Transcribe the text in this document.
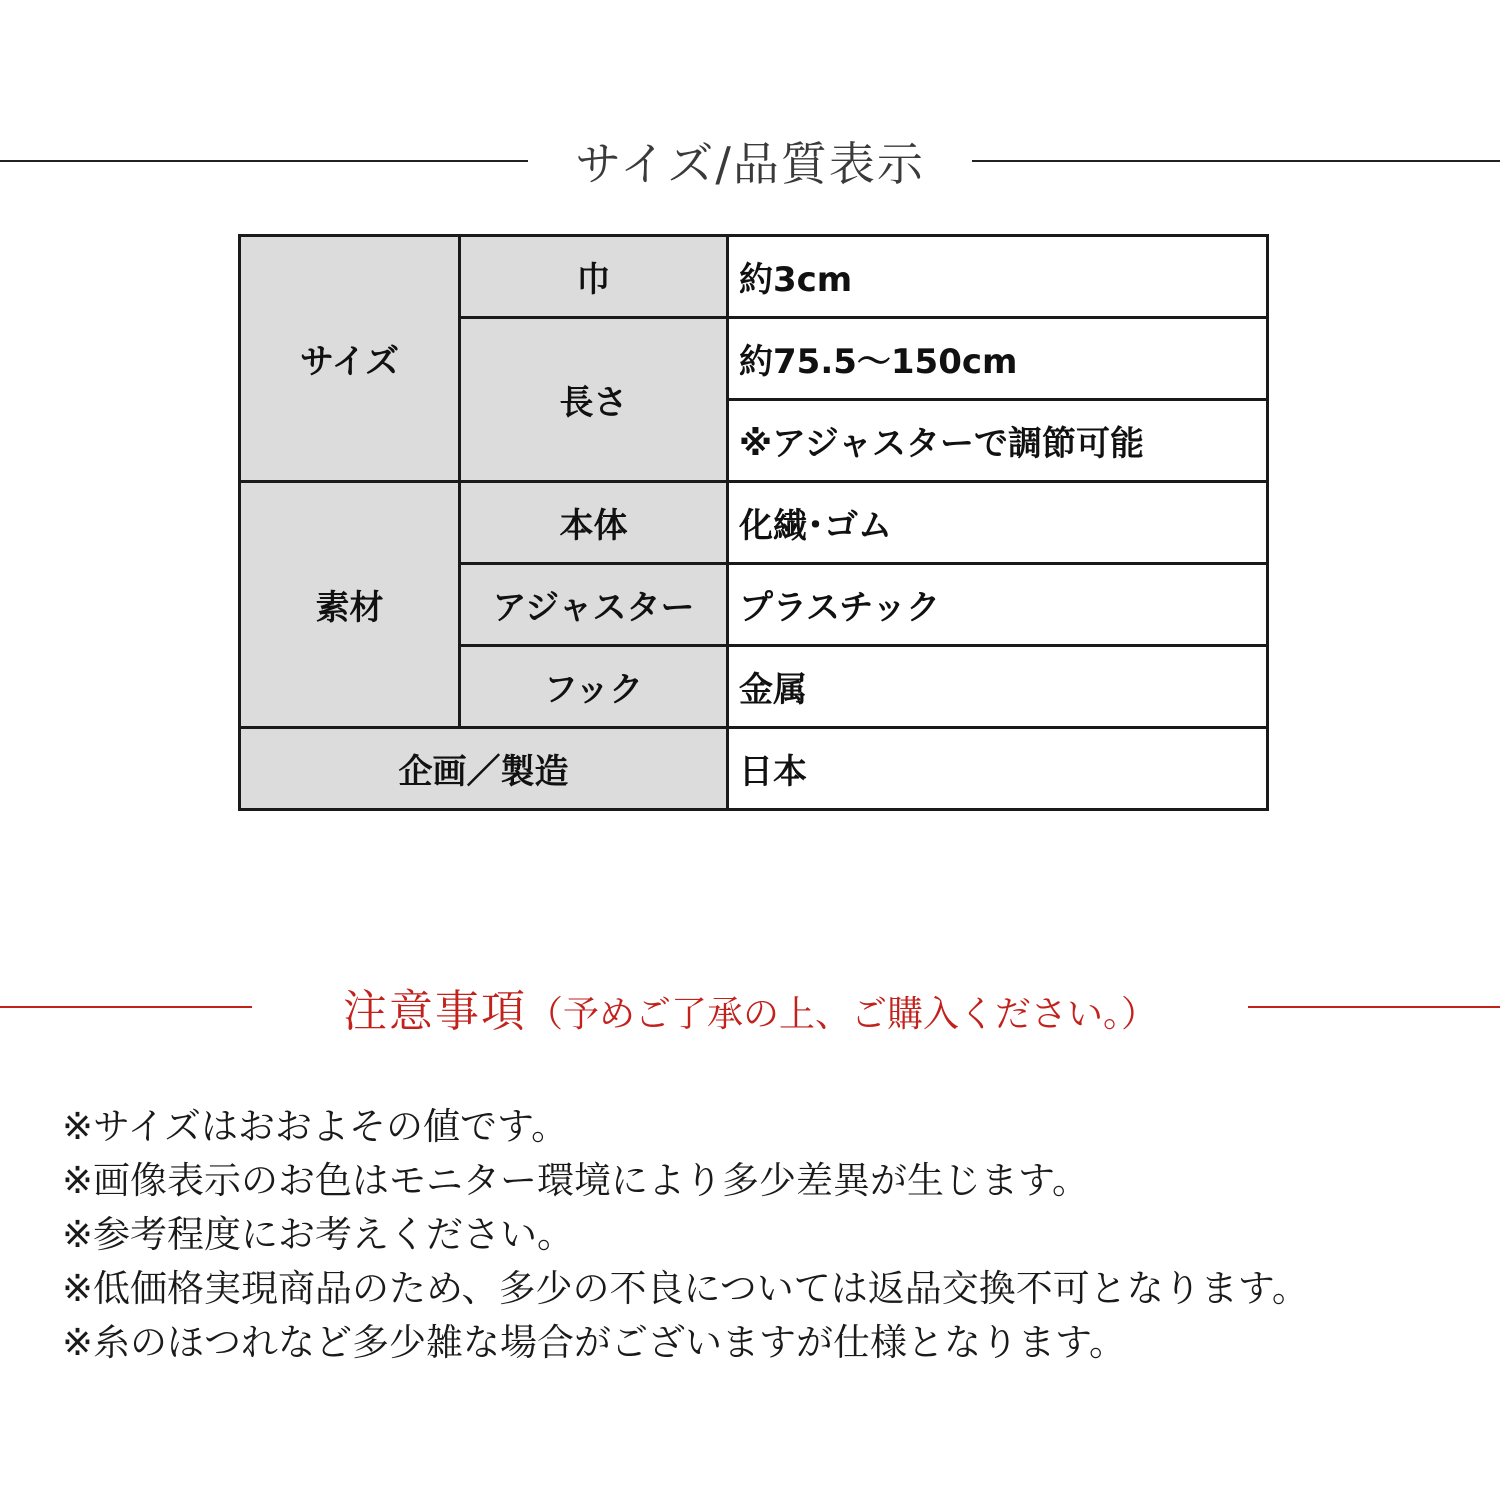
サイズ/品質表示
サイズ	巾	約3cm
	長さ	約75.5～150cm
		※アジャスターで調節可能
素材	本体	化繊･ゴム
	アジャスター	プラスチック
	フック	金属
企画／製造		日本
注意事項（予めご了承の上、ご購入ください。）
※サイズはおおよその値です。
※画像表示のお色はモニター環境により多少差異が生じます。
※参考程度にお考えください。
※低価格実現商品のため、多少の不良については返品交換不可となります。
※糸のほつれなど多少雑な場合がございますが仕様となります。
